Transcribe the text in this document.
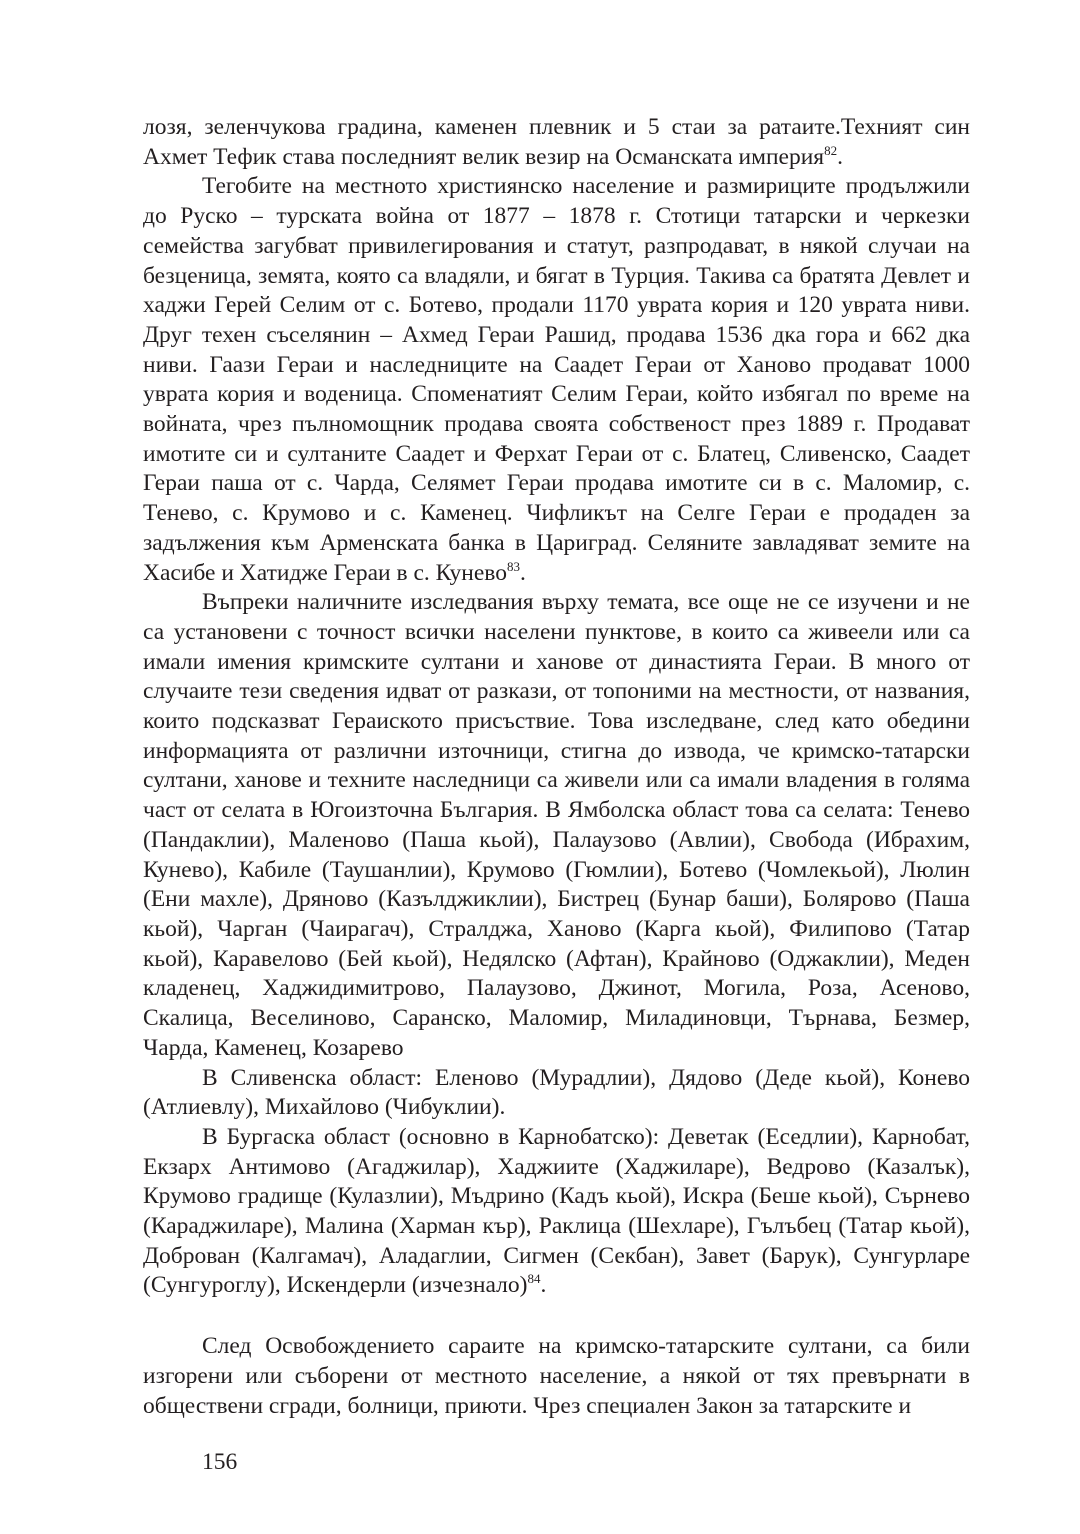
лозя, зеленчукова градина, каменен плевник и 5 стаи за ратаите.Техният син Ахмет Тефик става последният велик везир на Османската империя$^{82}$.

Тегобите на местното християнско население и размириците продължили до Руско – турската война от 1877 – 1878 г. Стотици татарски и черкезки семейства загубват привилегирования и статут, разпродават, в някой случаи на безценица, земята, която са владяли, и бягат в Турция. Такива са братята Девлет и хаджи Герей Селим от с. Ботево, продали 1170 уврата кория и 120 уврата ниви. Друг техен съселянин – Ахмед Гераи Рашид, продава 1536 дка гора и 662 дка ниви. Гаази Гераи и наследниците на Саадет Гераи от Ханово продават 1000 уврата кория и воденица. Споменатият Селим Гераи, който избягал по време на войната, чрез пълномощник продава своята собственост през 1889 г. Продават имотите си и султаните Саадет и Ферхат Гераи от с. Блатец, Сливенско, Саадет Гераи паша от с. Чарда, Селямет Гераи продава имотите си в с. Маломир, с. Тенево, с. Крумово и с. Каменец. Чифликът на Селге Гераи е продаден за задължения към Арменската банка в Цариград. Селяните завладяват земите на Хасибе и Хатидже Гераи в с. Кунево$^{83}$.

Въпреки наличните изследвания върху темата, все още не се изучени и не са установени с точност всички населени пунктове, в които са живеели или са имали имения кримските султани и ханове от династията Гераи. В много от случаите тези сведения идват от разкази, от топоними на местности, от названия, които подсказват Гераиското присъствие. Това изследване, след като обедини информацията от различни източници, стигна до извода, че кримско-татарски султани, ханове и техните наследници са живели или са имали владения в голяма част от селата в Югоизточна България. В Ямболска област това са селата: Тенево (Пандаклии), Маленово (Паша кьой), Палаузово (Авлии), Свобода (Ибрахим, Кунево), Кабиле (Таушанлии), Крумово (Гюмлии), Ботево (Чомлекьой), Люлин (Ени махле), Дряново (Казълджиклии), Бистрец (Бунар баши), Болярово (Паша кьой), Чарган (Чаирагач), Стралджа, Ханово (Карга кьой), Филипово (Татар кьой), Каравелово (Бей кьой), Недялско (Афтан), Крайново (Оджаклии), Меден кладенец, Хаджидимитрово, Палаузово, Джинот, Могила, Роза, Асеново, Скалица, Веселиново, Саранско, Маломир, Миладиновци, Търнава, Безмер, Чарда, Каменец, Козарево

В Сливенска област: Еленово (Мурадлии), Дядово (Деде кьой), Конево (Атлиевлу), Михайлово (Чибуклии).

В Бургаска област (основно в Карнобатско): Деветак (Еседлии), Карнобат, Екзарх Антимово (Агаджилар), Хаджиите (Хаджиларе), Ведрово (Казалък), Крумово градище (Кулазлии), Мъдрино (Кадъ кьой), Искра (Беше кьой), Сърнево (Караджиларе), Малина (Харман кър), Раклица (Шехларе), Гълъбец (Татар кьой), Доброван (Калгамач), Аладаглии, Сигмен (Секбан), Завет (Барук), Сунгурларе (Сунгуроглу), Искендерли (изчезнало)$^{84}$.

След Освобождението сараите на кримско-татарските султани, са били изгорени или съборени от местното население, а някой от тях превърнати в обществени сгради, болници, приюти. Чрез специален Закон за татарските и

156
